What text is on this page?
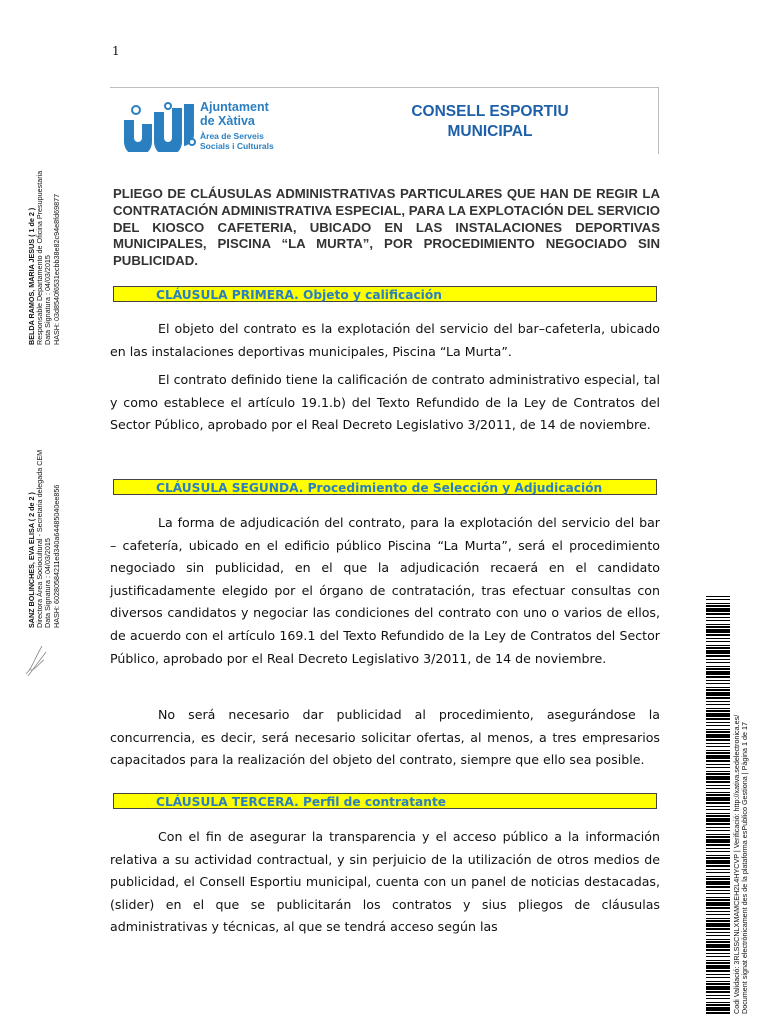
1
BELDA RAMOS, MARIA JESUS ( 1 de 2 ) Responsable Departamento de Oficina Presupuestaria Data Signatura : 04/03/2015 HASH: 03d8540f6531ecbb38e82c94e8fd69877
SANZ BOLINCHES, EVA ELISA ( 2 de 2 ) Directora Área Sociocultural - Secretaria delegada CEM Data Signatura : 04/03/2015 HASH: 60280584211ed340a64485040ee856
Ajuntament
de Xàtiva
Àrea de Serveis
Socials i Culturals
CONSELL ESPORTIU
MUNICIPAL
PLIEGO DE CLÁUSULAS ADMINISTRATIVAS PARTICULARES QUE HAN DE REGIR LA CONTRATACIÓN ADMINISTRATIVA ESPECIAL, PARA LA EXPLOTACIÓN DEL SERVICIO DEL KIOSCO CAFETERIA, UBICADO EN LAS INSTALACIONES DEPORTIVAS MUNICIPALES, PISCINA “LA MURTA”, POR PROCEDIMIENTO NEGOCIADO SIN PUBLICIDAD.
CLÁUSULA PRIMERA. Objeto y calificación
El objeto del contrato es la explotación del servicio del bar–cafeterIa, ubicado en las instalaciones deportivas municipales, Piscina “La Murta”.
El contrato definido tiene la calificación de contrato administrativo especial, tal y como establece el artículo 19.1.b) del Texto Refundido de la Ley de Contratos del Sector Público, aprobado por el Real Decreto Legislativo 3/2011, de 14 de noviembre.
CLÁUSULA SEGUNDA. Procedimiento de Selección y Adjudicación
La forma de adjudicación del contrato, para la explotación del servicio del bar – cafetería, ubicado en el edificio público Piscina “La Murta”, será el procedimiento negociado sin publicidad, en el que la adjudicación recaerá en el candidato justificadamente elegido por el órgano de contratación, tras efectuar consultas con diversos candidatos y negociar las condiciones del contrato con uno o varios de ellos, de acuerdo con el artículo 169.1 del Texto Refundido de la Ley de Contratos del Sector Público, aprobado por el Real Decreto Legislativo 3/2011, de 14 de noviembre.
No será necesario dar publicidad al procedimiento, asegurándose la concurrencia, es decir, será necesario solicitar ofertas, al menos, a tres empresarios capacitados para la realización del objeto del contrato, siempre que ello sea posible.
CLÁUSULA TERCERA. Perfil de contratante
Con el fin de asegurar la transparencia y el acceso público a la información relativa a su actividad contractual, y sin perjuicio de la utilización de otros medios de publicidad, el Consell Esportiu municipal, cuenta con un panel de noticias destacadas, (slider) en el que se publicitarán los contratos y sius pliegos de cláusulas administrativas y técnicas, al que se tendrá acceso según las	Codi Validació: 3RLSSCNLXMAMCEH2L4HYCVP | Verificació: http://xativa.sedelectronica.es/ Document signat electrònicament des de la plataforma esPublico Gestiona | Pàgina 1 de 17
